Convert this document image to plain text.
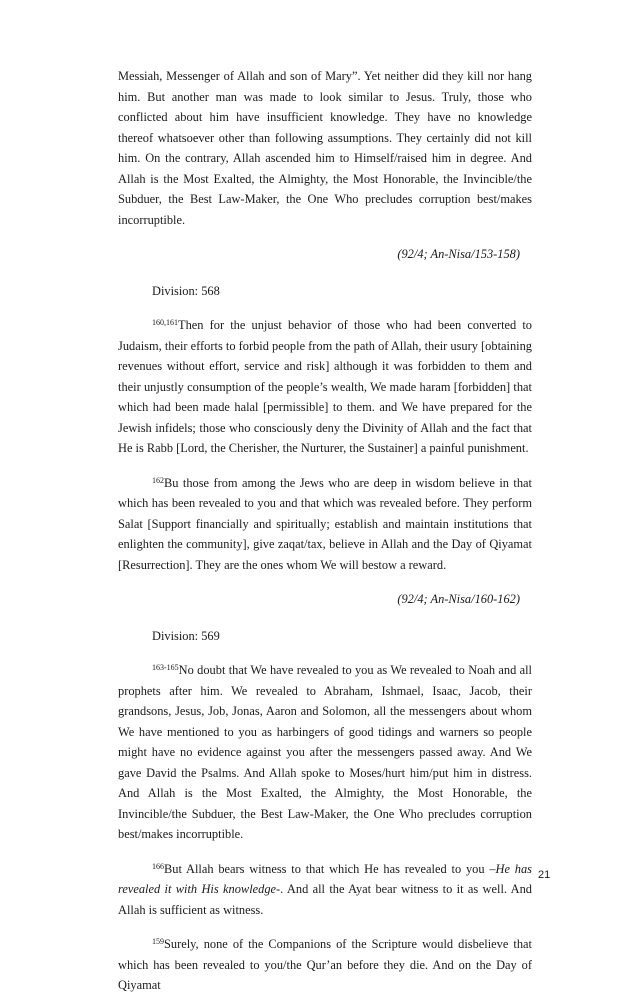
Messiah, Messenger of Allah and son of Mary”. Yet neither did they kill nor hang him. But another man was made to look similar to Jesus. Truly, those who conflicted about him have insufficient knowledge. They have no knowledge thereof whatsoever other than following assumptions. They certainly did not kill him. On the contrary, Allah ascended him to Himself/raised him in degree. And Allah is the Most Exalted, the Almighty, the Most Honorable, the Invincible/the Subduer, the Best Law-Maker, the One Who precludes corruption best/makes incorruptible.

(92/4; An-Nisa/153-158)

Division: 568

$^{160,161}$Then for the unjust behavior of those who had been converted to Judaism, their efforts to forbid people from the path of Allah, their usury [obtaining revenues without effort, service and risk] although it was forbidden to them and their unjustly consumption of the people’s wealth, We made haram [forbidden] that which had been made halal [permissible] to them. and We have prepared for the Jewish infidels; those who consciously deny the Divinity of Allah and the fact that He is Rabb [Lord, the Cherisher, the Nurturer, the Sustainer] a painful punishment.

$^{162}$Bu those from among the Jews who are deep in wisdom believe in that which has been revealed to you and that which was revealed before. They perform Salat [Support financially and spiritually; establish and maintain institutions that enlighten the community], give zaqat/tax, believe in Allah and the Day of Qiyamat [Resurrection]. They are the ones whom We will bestow a reward.

(92/4; An-Nisa/160-162)

Division: 569

$^{163-165}$No doubt that We have revealed to you as We revealed to Noah and all prophets after him. We revealed to Abraham, Ishmael, Isaac, Jacob, their grandsons, Jesus, Job, Jonas, Aaron and Solomon, all the messengers about whom We have mentioned to you as harbingers of good tidings and warners so people might have no evidence against you after the messengers passed away. And We gave David the Psalms. And Allah spoke to Moses/hurt him/put him in distress. And Allah is the Most Exalted, the Almighty, the Most Honorable, the Invincible/the Subduer, the Best Law-Maker, the One Who precludes corruption best/makes incorruptible.

$^{166}$But Allah bears witness to that which He has revealed to you –He has revealed it with His knowledge-. And all the Ayat bear witness to it as well. And Allah is sufficient as witness.

$^{159}$Surely, none of the Companions of the Scripture would disbelieve that which has been revealed to you/the Qur’an before they die. And on the Day of Qiyamat

21
